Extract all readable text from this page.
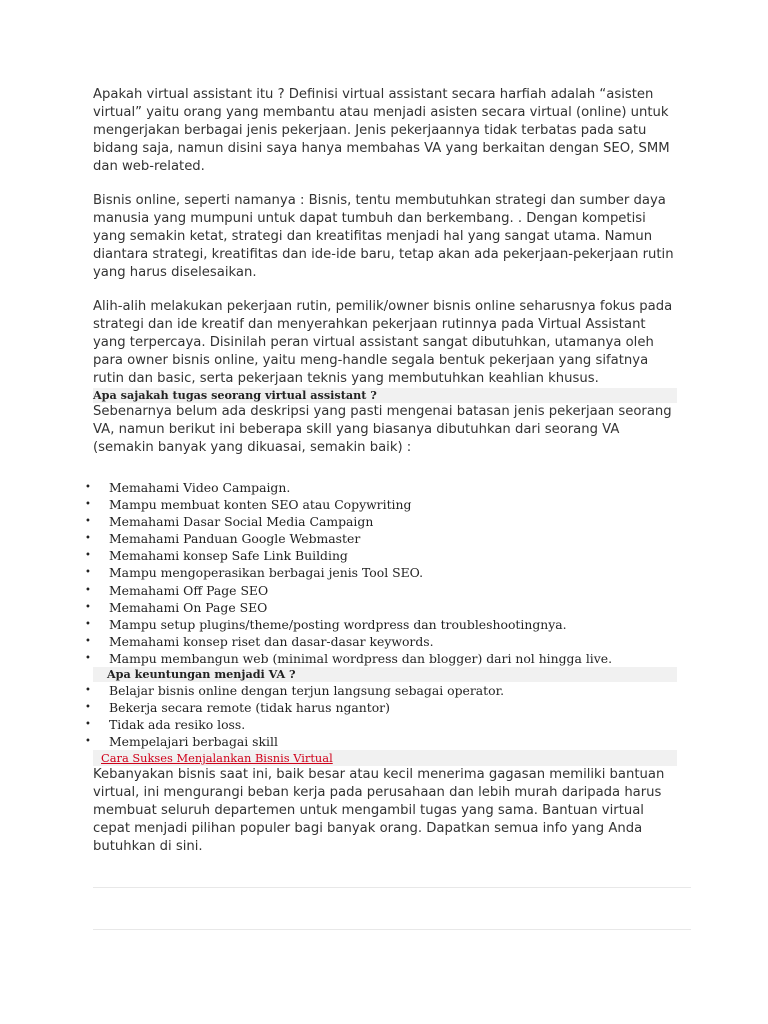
Apakah virtual assistant itu ? Definisi virtual assistant secara harfiah adalah “asisten virtual” yaitu orang yang membantu atau menjadi asisten secara virtual (online) untuk mengerjakan berbagai jenis pekerjaan. Jenis pekerjaannya tidak terbatas pada satu bidang saja, namun disini saya hanya membahas VA yang berkaitan dengan SEO, SMM dan web-related.

Bisnis online, seperti namanya : Bisnis, tentu membutuhkan strategi dan sumber daya manusia yang mumpuni untuk dapat tumbuh dan berkembang. . Dengan kompetisi yang semakin ketat, strategi dan kreatifitas menjadi hal yang sangat utama. Namun diantara strategi, kreatifitas dan ide-ide baru, tetap akan ada pekerjaan-pekerjaan rutin yang harus diselesaikan.

Alih-alih melakukan pekerjaan rutin, pemilik/owner bisnis online seharusnya fokus pada strategi dan ide kreatif dan menyerahkan pekerjaan rutinnya pada Virtual Assistant yang terpercaya. Disinilah peran virtual assistant sangat dibutuhkan, utamanya oleh para owner bisnis online, yaitu meng-handle segala bentuk pekerjaan yang sifatnya rutin dan basic, serta pekerjaan teknis yang membutuhkan keahlian khusus.

Apa sajakah tugas seorang virtual assistant ?

Sebenarnya belum ada deskripsi yang pasti mengenai batasan jenis pekerjaan seorang VA, namun berikut ini beberapa skill yang biasanya dibutuhkan dari seorang VA (semakin banyak yang dikuasai, semakin baik) :

• Memahami Video Campaign.
• Mampu membuat konten SEO atau Copywriting
• Memahami Dasar Social Media Campaign
• Memahami Panduan Google Webmaster
• Memahami konsep Safe Link Building
• Mampu mengoperasikan berbagai jenis Tool SEO.
• Memahami Off Page SEO
• Memahami On Page SEO
• Mampu setup plugins/theme/posting wordpress dan troubleshootingnya.
• Memahami konsep riset dan dasar-dasar keywords.
• Mampu membangun web (minimal wordpress dan blogger) dari nol hingga live.
Apa keuntungan menjadi VA ?
• Belajar bisnis online dengan terjun langsung sebagai operator.
• Bekerja secara remote (tidak harus ngantor)
• Tidak ada resiko loss.
• Mempelajari berbagai skill
Cara Sukses Menjalankan Bisnis Virtual

Kebanyakan bisnis saat ini, baik besar atau kecil menerima gagasan memiliki bantuan virtual, ini mengurangi beban kerja pada perusahaan dan lebih murah daripada harus membuat seluruh departemen untuk mengambil tugas yang sama. Bantuan virtual cepat menjadi pilihan populer bagi banyak orang. Dapatkan semua info yang Anda butuhkan di sini.
